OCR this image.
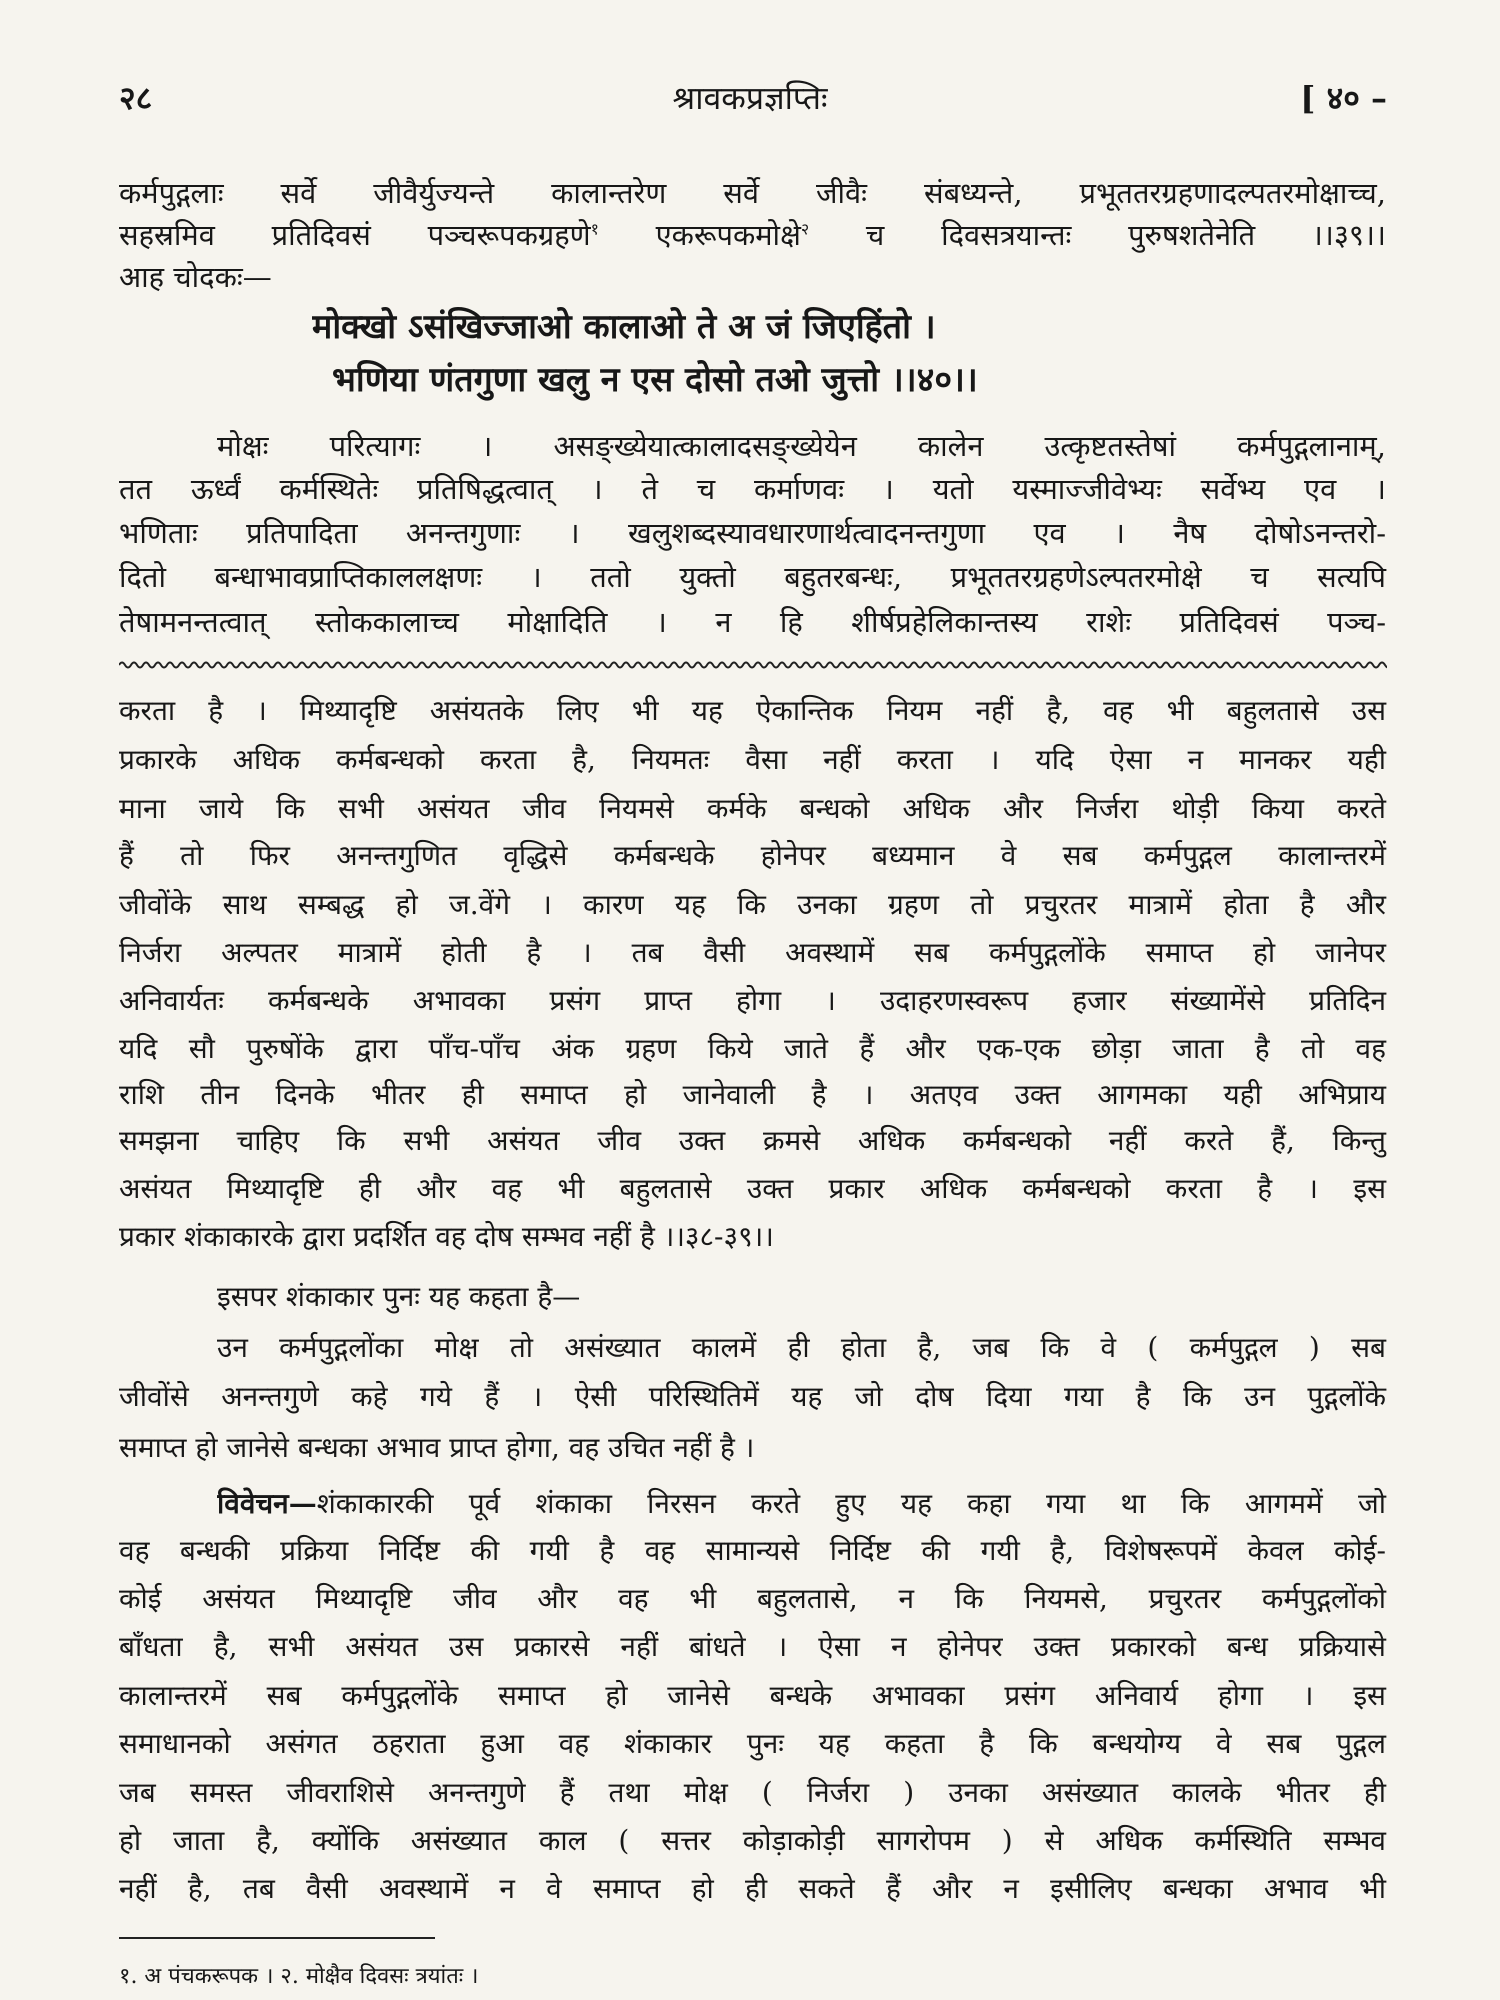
२८	श्रावकप्रज्ञप्तिः	[ ४० –
कर्मपुद्गलाः सर्वे जीवैर्युज्यन्ते कालान्तरेण सर्वे जीवैः संबध्यन्ते, प्रभूततरग्रहणादल्पतरमोक्षाच्च,
सहस्रमिव प्रतिदिवसं पञ्चरूपकग्रहणे$^१$ एकरूपकमोक्षे$^२$ च दिवसत्रयान्तः पुरुषशतेनेति ।।३९।।
आह चोदकः—
मोक्खो ऽसंखिज्जाओ कालाओ ते अ जं जिएहिंतो ।
भणिया णंतगुणा खलु न एस दोसो तओ जुत्तो ।।४०।।
मोक्षः परित्यागः । असङ्ख्येयात्कालादसङ्ख्येयेन कालेन उत्कृष्टतस्तेषां कर्मपुद्गलानाम्,
तत ऊर्ध्वं कर्मस्थितेः प्रतिषिद्धत्वात् । ते च कर्माणवः । यतो यस्माज्जीवेभ्यः सर्वेभ्य एव ।
भणिताः प्रतिपादिता अनन्तगुणाः । खलुशब्दस्यावधारणार्थत्वादनन्तगुणा एव । नैष दोषोऽनन्तरो-
दितो बन्धाभावप्राप्तिकाललक्षणः । ततो युक्तो बहुतरबन्धः, प्रभूततरग्रहणेऽल्पतरमोक्षे च सत्यपि
तेषामनन्तत्वात् स्तोककालाच्च मोक्षादिति । न हि शीर्षप्रहेलिकान्तस्य राशेः प्रतिदिवसं पञ्च-
करता है । मिथ्यादृष्टि असंयतके लिए भी यह ऐकान्तिक नियम नहीं है, वह भी बहुलतासे उस
प्रकारके अधिक कर्मबन्धको करता है, नियमतः वैसा नहीं करता । यदि ऐसा न मानकर यही
माना जाये कि सभी असंयत जीव नियमसे कर्मके बन्धको अधिक और निर्जरा थोड़ी किया करते
हैं तो फिर अनन्तगुणित वृद्धिसे कर्मबन्धके होनेपर बध्यमान वे सब कर्मपुद्गल कालान्तरमें
जीवोंके साथ सम्बद्ध हो ज.वेंगे । कारण यह कि उनका ग्रहण तो प्रचुरतर मात्रामें होता है और
निर्जरा अल्पतर मात्रामें होती है । तब वैसी अवस्थामें सब कर्मपुद्गलोंके समाप्त हो जानेपर
अनिवार्यतः कर्मबन्धके अभावका प्रसंग प्राप्त होगा । उदाहरणस्वरूप हजार संख्यामेंसे प्रतिदिन
यदि सौ पुरुषोंके द्वारा पाँच-पाँच अंक ग्रहण किये जाते हैं और एक-एक छोड़ा जाता है तो वह
राशि तीन दिनके भीतर ही समाप्त हो जानेवाली है । अतएव उक्त आगमका यही अभिप्राय
समझना चाहिए कि सभी असंयत जीव उक्त क्रमसे अधिक कर्मबन्धको नहीं करते हैं, किन्तु
असंयत मिथ्यादृष्टि ही और वह भी बहुलतासे उक्त प्रकार अधिक कर्मबन्धको करता है । इस
प्रकार शंकाकारके द्वारा प्रदर्शित वह दोष सम्भव नहीं है ।।३८-३९।।
इसपर शंकाकार पुनः यह कहता है—
उन कर्मपुद्गलोंका मोक्ष तो असंख्यात कालमें ही होता है, जब कि वे ( कर्मपुद्गल ) सब
जीवोंसे अनन्तगुणे कहे गये हैं । ऐसी परिस्थितिमें यह जो दोष दिया गया है कि उन पुद्गलोंके
समाप्त हो जानेसे बन्धका अभाव प्राप्त होगा, वह उचित नहीं है ।
विवेचन—शंकाकारकी पूर्व शंकाका निरसन करते हुए यह कहा गया था कि आगममें जो
वह बन्धकी प्रक्रिया निर्दिष्ट की गयी है वह सामान्यसे निर्दिष्ट की गयी है, विशेषरूपमें केवल कोई-
कोई असंयत मिथ्यादृष्टि जीव और वह भी बहुलतासे, न कि नियमसे, प्रचुरतर कर्मपुद्गलोंको
बाँधता है, सभी असंयत उस प्रकारसे नहीं बांधते । ऐसा न होनेपर उक्त प्रकारको बन्ध प्रक्रियासे
कालान्तरमें सब कर्मपुद्गलोंके समाप्त हो जानेसे बन्धके अभावका प्रसंग अनिवार्य होगा । इस
समाधानको असंगत ठहराता हुआ वह शंकाकार पुनः यह कहता है कि बन्धयोग्य वे सब पुद्गल
जब समस्त जीवराशिसे अनन्तगुणे हैं तथा मोक्ष ( निर्जरा ) उनका असंख्यात कालके भीतर ही
हो जाता है, क्योंकि असंख्यात काल ( सत्तर कोड़ाकोड़ी सागरोपम ) से अधिक कर्मस्थिति सम्भव
नहीं है, तब वैसी अवस्थामें न वे समाप्त हो ही सकते हैं और न इसीलिए बन्धका अभाव भी
१. अ पंचकरूपक । २. मोक्षैव दिवसः त्रयांतः ।
